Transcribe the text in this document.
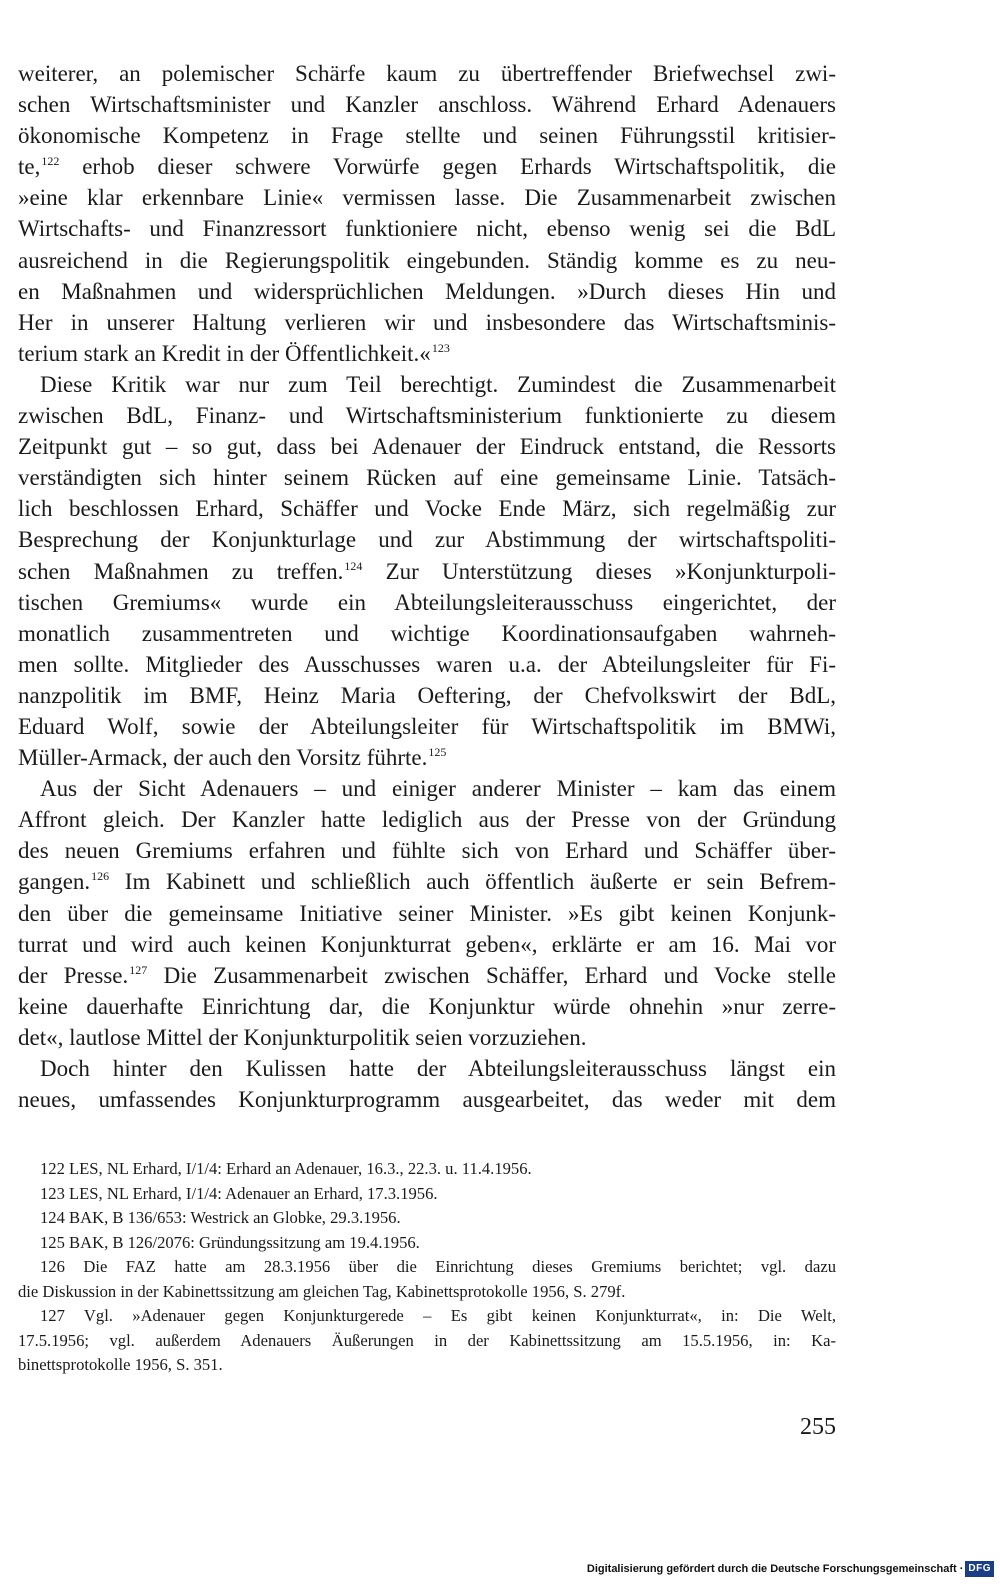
weiterer, an polemischer Schärfe kaum zu übertreffender Briefwechsel zwi-
schen Wirtschaftsminister und Kanzler anschloss. Während Erhard Adenauers
ökonomische Kompetenz in Frage stellte und seinen Führungsstil kritisier-
te,$^{122}$ erhob dieser schwere Vorwürfe gegen Erhards Wirtschaftspolitik, die
»eine klar erkennbare Linie« vermissen lasse. Die Zusammenarbeit zwischen
Wirtschafts- und Finanzressort funktioniere nicht, ebenso wenig sei die BdL
ausreichend in die Regierungspolitik eingebunden. Ständig komme es zu neu-
en Maßnahmen und widersprüchlichen Meldungen. »Durch dieses Hin und
Her in unserer Haltung verlieren wir und insbesondere das Wirtschaftsminis-
terium stark an Kredit in der Öffentlichkeit.«$^{123}$
Diese Kritik war nur zum Teil berechtigt. Zumindest die Zusammenarbeit
zwischen BdL, Finanz- und Wirtschaftsministerium funktionierte zu diesem
Zeitpunkt gut – so gut, dass bei Adenauer der Eindruck entstand, die Ressorts
verständigten sich hinter seinem Rücken auf eine gemeinsame Linie. Tatsäch-
lich beschlossen Erhard, Schäffer und Vocke Ende März, sich regelmäßig zur
Besprechung der Konjunkturlage und zur Abstimmung der wirtschaftspoliti-
schen Maßnahmen zu treffen.$^{124}$ Zur Unterstützung dieses »Konjunkturpoli-
tischen Gremiums« wurde ein Abteilungsleiterausschuss eingerichtet, der
monatlich zusammentreten und wichtige Koordinationsaufgaben wahrneh-
men sollte. Mitglieder des Ausschusses waren u.a. der Abteilungsleiter für Fi-
nanzpolitik im BMF, Heinz Maria Oeftering, der Chefvolkswirt der BdL,
Eduard Wolf, sowie der Abteilungsleiter für Wirtschaftspolitik im BMWi,
Müller-Armack, der auch den Vorsitz führte.$^{125}$
Aus der Sicht Adenauers – und einiger anderer Minister – kam das einem
Affront gleich. Der Kanzler hatte lediglich aus der Presse von der Gründung
des neuen Gremiums erfahren und fühlte sich von Erhard und Schäffer über-
gangen.$^{126}$ Im Kabinett und schließlich auch öffentlich äußerte er sein Befrem-
den über die gemeinsame Initiative seiner Minister. »Es gibt keinen Konjunk-
turrat und wird auch keinen Konjunkturrat geben«, erklärte er am 16. Mai vor
der Presse.$^{127}$ Die Zusammenarbeit zwischen Schäffer, Erhard und Vocke stelle
keine dauerhafte Einrichtung dar, die Konjunktur würde ohnehin »nur zerre-
det«, lautlose Mittel der Konjunkturpolitik seien vorzuziehen.
Doch hinter den Kulissen hatte der Abteilungsleiterausschuss längst ein
neues, umfassendes Konjunkturprogramm ausgearbeitet, das weder mit dem
122 LES, NL Erhard, I/1/4: Erhard an Adenauer, 16.3., 22.3. u. 11.4.1956.
123 LES, NL Erhard, I/1/4: Adenauer an Erhard, 17.3.1956.
124 BAK, B 136/653: Westrick an Globke, 29.3.1956.
125 BAK, B 126/2076: Gründungssitzung am 19.4.1956.
126 Die FAZ hatte am 28.3.1956 über die Einrichtung dieses Gremiums berichtet; vgl. dazu
die Diskussion in der Kabinettssitzung am gleichen Tag, Kabinettsprotokolle 1956, S. 279f.
127 Vgl. »Adenauer gegen Konjunkturgerede – Es gibt keinen Konjunkturrat«, in: Die Welt,
17.5.1956; vgl. außerdem Adenauers Äußerungen in der Kabinettssitzung am 15.5.1956, in: Ka-
binettsprotokolle 1956, S. 351.
255
Digitalisierung gefördert durch die Deutsche Forschungsgemeinschaft · DFG
